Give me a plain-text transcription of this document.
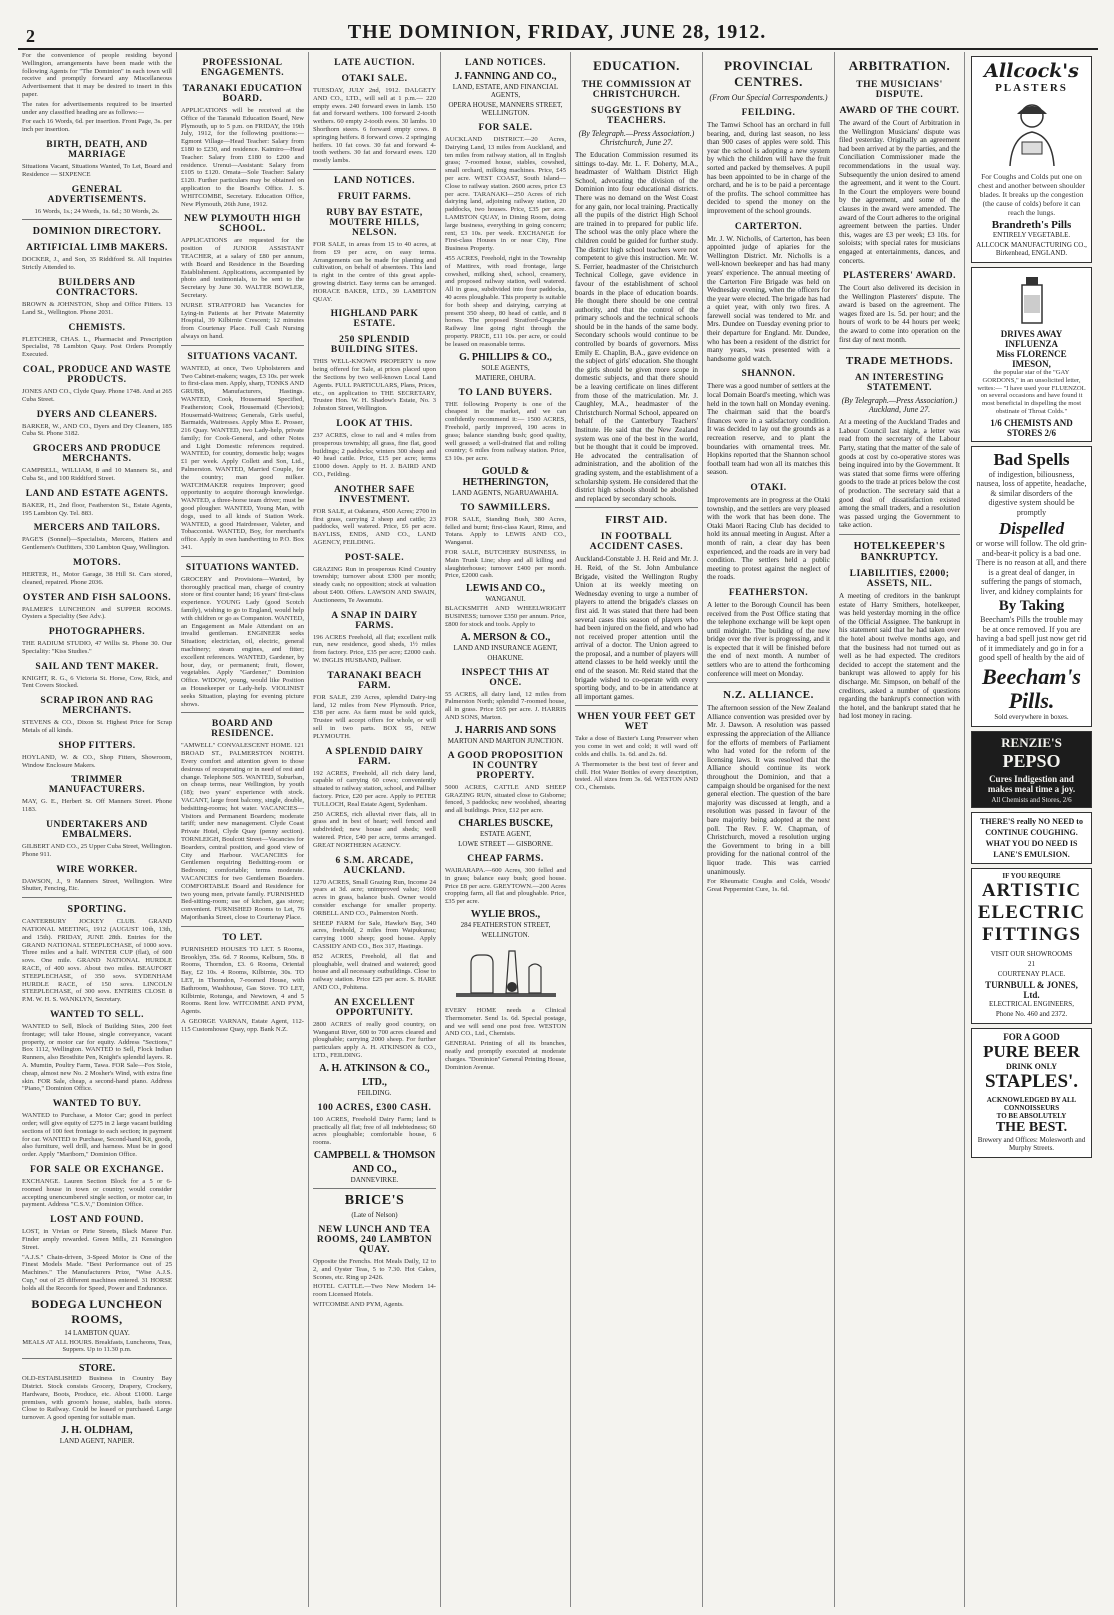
2	THE DOMINION, FRIDAY, JUNE 28, 1912.

For the convenience of people residing beyond Wellington, arrangements have been made with the following Agents for "The Dominion" in each town will receive and promptly forward any Miscellaneous Advertisement that it may be desired to insert in this paper.

The rates for advertisements required to be inserted under any classified heading are as follows:—

For each 16 Words, 6d. per insertion. Front Page, 3s. per inch per insertion.

BIRTH, DEATH, AND MARRIAGE

Situations Vacant, Situations Wanted, To Let, Board and Residence — SIXPENCE

GENERAL ADVERTISEMENTS.

16 Words, 1s.; 24 Words, 1s. 6d.; 30 Words, 2s.

DOMINION DIRECTORY.
ARTIFICIAL LIMB MAKERS.

DOCKER, J., and Son, 35 Riddiford St. All Inquiries Strictly Attended to.

BUILDERS AND CONTRACTORS.

BROWN & JOHNSTON, Shop and Office Fitters. 13 Land St., Wellington. Phone 2031.

CHEMISTS.

FLETCHER, CHAS. L., Pharmacist and Prescription Specialist, 78 Lambton Quay. Post Orders Promptly Executed.

COAL, PRODUCE AND WASTE PRODUCTS.

JONES AND CO., Clyde Quay. Phone 1748. And at 265 Cuba Street.

DYERS AND CLEANERS.

BARKER, W., AND CO., Dyers and Dry Cleaners, 185 Cuba St. Phone 3182.

GROCERS AND PRODUCE MERCHANTS.

CAMPBELL, WILLIAM, 8 and 10 Manners St., and Cuba St., and 100 Riddiford Street.

LAND AND ESTATE AGENTS.

BAKER, H., 2nd floor, Featherston St., Estate Agents, 195 Lambton Qy. Tel. 883.

MERCERS AND TAILORS.

PAGE'S (Sonnel)—Specialists, Mercers, Hatters and Gentlemen's Outfitters, 330 Lambton Quay, Wellington.

MOTORS.

HERTER, H., Motor Garage, 38 Hill St. Cars stored, cleaned, repaired. Phone 2036.

OYSTER AND FISH SALOONS.

PALMER'S LUNCHEON and SUPPER ROOMS. Oysters a Speciality (See Adv.).

PHOTOGRAPHERS.

THE RADIUM STUDIO, 47 Willis St. Phone 30. Our Speciality: "Kiss Studies."

SAIL AND TENT MAKER.

KNIGHT, R. G., 6 Victoria St. Horse, Cow, Rick, and Tent Covers Stocked.

SCRAP IRON AND RAG MERCHANTS.

STEVENS & CO., Dixon St. Highest Price for Scrap Metals of all kinds.

SHOP FITTERS.

HOYLAND, W. & CO., Shop Fitters, Showroom, Window Enclosure Makers.

TRIMMER MANUFACTURERS.

MAY, G. E., Herbert St. Off Manners Street. Phone 1183.

UNDERTAKERS AND EMBALMERS.

GILBERT AND CO., 25 Upper Cuba Street, Wellington. Phone 911.

WIRE WORKER.

DAWSON, J., 9 Manners Street, Wellington. Wire Shutter, Fencing, Etc.

SPORTING.

CANTERBURY JOCKEY CLUB. GRAND NATIONAL MEETING, 1912 (AUGUST 10th, 13th, and 15th). FRIDAY, JUNE 28th. Entries for the GRAND NATIONAL STEEPLECHASE, of 1000 sovs. Three miles and a half. WINTER CUP (flat), of 600 sovs. One mile. GRAND NATIONAL HURDLE RACE, of 400 sovs. About two miles. BEAUFORT STEEPLECHASE, of 350 sovs. SYDENHAM HURDLE RACE, of 150 sovs. LINCOLN STEEPLECHASE, of 300 sovs. ENTRIES CLOSE 8 P.M. W. H. S. WANKLYN, Secretary.

WANTED TO SELL.

WANTED to Sell, Block of Building Sites, 200 feet frontage; will take House, single conveyance, vacant property, or motor car for equity. Address "Sections," Box 1112, Wellington. WANTED to Sell, Flock Indian Runners, also Brosthite Pen, Knight's splendid layers. R. A. Mumtin, Poultry Farm, Tawa. FOR Sale—Fox Stole, cheap, almost new No. 2 Mosher's Wind, with extra fine skin. FOR Sale, cheap, a second-hand piano. Address "Piano," Dominion Office.

WANTED TO BUY.

WANTED to Purchase, a Motor Car; good in perfect order; will give equity of £275 in 2 large vacant building sections of 100 feet frontage to each section; in payment for car. WANTED to Purchase, Second-hand Kit, goods, also furniture, well drill, and harness. Must be in good order. Apply "Mariborn," Dominion Office.

FOR SALE OR EXCHANGE.

EXCHANGE. Lauren Section Block for a 5 or 6-roomed house in town or country; would consider accepting unencumbered single section, or motor car, in payment. Address "C.S.V.," Dominion Office.

LOST AND FOUND.

LOST, in Vivian or Pirie Streets, Black Maree Fur. Finder amply rewarded. Green Mills, 21 Kensington Street.

"A.J.S." Chain-driven, 3-Speed Motor is One of the Finest Models Made. "Best Performance out of 25 Machines." The Manufacturers Prize, "Wise A.J.S. Cup," out of 25 different machines entered. 31 HORSE holds all the Records for Speed, Power and Endurance.

BODEGA LUNCHEON ROOMS,
14 LAMBTON QUAY.

MEALS AT ALL HOURS. Breakfasts, Luncheons, Teas, Suppers. Up to 11.30 p.m.

STORE.

OLD-ESTABLISHED Business in Country Bay District. Stock consists Grocery, Drapery, Crockery, Hardware, Boots, Produce, etc. About £1000. Large premises, with groom's house, stables, bails stores. Close to Railway. Could be leased or purchased. Large turnover. A good opening for suitable man.

J. H. OLDHAM,
LAND AGENT, NAPIER.
PROFESSIONAL ENGAGEMENTS.
TARANAKI EDUCATION BOARD.

APPLICATIONS will be received at the Office of the Taranaki Education Board, New Plymouth, up to 5 p.m. on FRIDAY, the 19th July, 1912, for the following positions:— Egmont Village—Head Teacher: Salary from £180 to £230, and residence. Kaimiro—Head Teacher: Salary from £180 to £200 and residence. Urenui—Assistant: Salary from £105 to £120. Omata—Sole Teacher: Salary £120. Further particulars may be obtained on application to the Board's Office. J. S. WHITCOMBE, Secretary. Education Office, New Plymouth, 26th June, 1912.

NEW PLYMOUTH HIGH SCHOOL.

APPLICATIONS are requested for the position of JUNIOR ASSISTANT TEACHER, at a salary of £80 per annum, with Board and Residence in the Boarding Establishment. Applications, accompanied by photo and testimonials, to be sent to the Secretary by June 30. WALTER BOWLER, Secretary.

NURSE STRATFORD has Vacancies for Lying-in Patients at her Private Maternity Hospital, 39 Kilbirnie Crescent; 12 minutes from Courtenay Place. Full Cash Nursing always on hand.

SITUATIONS VACANT.

WANTED, at once, Two Upholsterers and Two Cabinet-makers; wages, £3 10s. per week to first-class men. Apply, sharp, TONKS AND GRUBB, Manufacturers, Hastings. WANTED, Cook, Housemaid Specified, Featherston; Cook, Housemaid (Cheviots); Housemaid-Waitress; Generals, Girls useful, Barmaids, Waitresses. Apply Miss E. Prosser, 216 Quay. WANTED, two Lady-help, private family; for Cook-General, and other Notes and Light Domestic references required. WANTED, for country, domestic help; wages £1 per week. Apply Collett and Son, Ltd., Palmerston. WANTED, Married Couple, for the country; man good milker. WATCHMAKER requires Improver; good opportunity to acquire thorough knowledge. WANTED, a three-horse team driver; must be good plougher. WANTED, Young Man, with dogs, used to all kinds of Station Work. WANTED, a good Hairdresser, Valeter, and Tobacconist. WANTED, Boy, for merchant's office. Apply in own handwriting to P.O. Box 341.

SITUATIONS WANTED.

GROCERY and Provisions—Wanted, by thoroughly practical man, charge of country store or first counter hand; 16 years' first-class experience. YOUNG Lady (good Scotch family), wishing to go to England, would help with children or go as Companion. WANTED, an Engagement as Male Attendant on an invalid gentleman. ENGINEER seeks Situation; electrician, oil, electric, general machinery; steam engines, and fitter; excellent references. WANTED, Gardener, by hour, day, or permanent; fruit, flower, vegetables. Apply "Gardener," Dominion Office. WIDOW, young, would like Position as Housekeeper or Lady-help. VIOLINIST seeks Situation, playing for evening picture shows.

BOARD AND RESIDENCE.

"AMWELL" CONVALESCENT HOME. 121 BROAD ST., PALMERSTON NORTH. Every comfort and attention given to those desirous of recuperating or in need of rest and change. Telephone 505. WANTED, Suburban, on cheap terms, near Wellington, by youth (18); two years' experience with stock. VACANT, large front balcony, single, double, bedsitting-rooms; hot water. VACANCIES—Visitors and Permanent Boarders; moderate tariff; under new management. Clyde Coast Private Hotel, Clyde Quay (penny section). TORNLEIGH, Boulcott Street—Vacancies for Boarders, central position, and good view of City and Harbour. VACANCIES for Gentlemen requiring Bedsitting-room or Bedroom; comfortable; terms moderate. VACANCIES for two Gentlemen Boarders. COMFORTABLE Board and Residence for two young men, private family. FURNISHED Bed-sitting-room; use of kitchen, gas stove; convenient. FURNISHED Rooms to Let, 76 Majoribanks Street, close to Courtenay Place.

TO LET.

FURNISHED HOUSES TO LET. 5 Rooms, Brooklyn, 35s. 6d. 7 Rooms, Kelburn, 50s. 8 Rooms, Thorndon, £3. 6 Rooms, Oriental Bay, £2 10s. 4 Rooms, Kilbirnie, 30s. TO LET, in Thorndon, 7-roomed House, with Bathroom, Washhouse, Gas Stove. TO LET, Kilbirnie, Rotunga, and Newtown, 4 and 5 Rooms. Rent low. WITCOMBE AND PYM, Agents.

A GEORGE VARNAN, Estate Agent, 112-115 Customhouse Quay, opp. Bank N.Z.

LATE AUCTION.
OTAKI SALE.

TUESDAY, JULY 2nd, 1912. DALGETY AND CO., LTD., will sell at 1 p.m.— 220 empty ewes. 240 forward ewes in lamb. 150 fat and forward wethers. 100 forward 2-tooth wethers. 60 empty 2-tooth ewes. 30 lambs. 10 Shorthorn steers. 6 forward empty cows. 8 springing heifers. 8 forward cows. 2 springing heifers. 10 fat cows. 30 fat and forward 4-tooth wethers. 30 fat and forward ewes. 120 mostly lambs.

LAND NOTICES.
FRUIT FARMS.
RUBY BAY ESTATE, MOUTERE HILLS, NELSON.

FOR SALE, in areas from 15 to 40 acres, at from £9 per acre, on easy terms. Arrangements can be made for planting and cultivation, on behalf of absentees. This land is right in the centre of this great apple-growing district. Easy terms can be arranged. HORACE BAKER, LTD., 39 LAMBTON QUAY.

HIGHLAND PARK ESTATE.
250 SPLENDID BUILDING SITES.

THIS WELL-KNOWN PROPERTY is now being offered for Sale, at prices placed upon the Sections by two well-known Local Land Agents. FULL PARTICULARS, Plans, Prices, etc., on application to THE SECRETARY, Trustee Hon. W. H. Shadow's Estate, No. 3 Johnston Street, Wellington.

LOOK AT THIS.

237 ACRES, close to rail and 4 miles from prosperous township; all grass, fine flat, good buildings; 2 paddocks; winters 300 sheep and 40 head cattle. Price, £15 per acre; terms £1000 down. Apply to H. J. BAIRD AND CO., Feilding.

ANOTHER SAFE INVESTMENT.

FOR SALE, at Oakarara, 4500 Acres; 2700 in first grass, carrying 2 sheep and cattle; 23 paddocks, well watered. Price, £6 per acre. BAYLISS, ENDS, AND CO., LAND AGENCY, FEILDING.

POST-SALE.

GRAZING Run in prosperous Kind Country township; turnover about £300 per month; steady cash; no opposition; stock at valuation about £400. Offers. LAWSON AND SWAIN, Auctioneers, Te Awamutu.

A SNAP IN DAIRY FARMS.

196 ACRES Freehold, all flat; excellent milk run, new residence, good sheds, 1½ miles from factory. Price, £35 per acre; £2000 cash. W. INGLIS HUSBAND, Palliser.

TARANAKI BEACH FARM.

FOR SALE, 239 Acres, splendid Dairy-ing land, 12 miles from New Plymouth. Price, £38 per acre. As farm must be sold quick, Trustee will accept offers for whole, or will sell in two parts. BOX 95, NEW PLYMOUTH.

A SPLENDID DAIRY FARM.

192 ACRES, Freehold, all rich dairy land, capable of carrying 60 cows; conveniently situated to railway station, school, and Palliser factory. Price, £20 per acre. Apply to PETER TULLOCH, Real Estate Agent, Sydenham.

250 ACRES, rich alluvial river flats, all in grass and in best of heart; well fenced and subdivided; new house and sheds; well watered. Price, £40 per acre, terms arranged. GREAT NORTHERN AGENCY.

6 S.M. ARCADE, AUCKLAND.

1270 ACRES, Small Grazing Run, Income 24 years at 3d. acre; unimproved value; 1600 acres in grass, balance bush. Owner would consider exchange for smaller property. ORBELL AND CO., Palmerston North.

SHEEP FARM for Sale, Hawke's Bay, 340 acres, freehold, 2 miles from Waipukurau; carrying 1000 sheep; good house. Apply CASSIDY AND CO., Box 317, Hastings.

852 ACRES, Freehold, all flat and ploughable, well drained and watered; good house and all necessary outbuildings. Close to railway station. Price £25 per acre. S. HARE AND CO., Pohitena.

AN EXCELLENT OPPORTUNITY.

2800 ACRES of really good country, on Wanganui River, 600 to 700 acres cleared and ploughable; carrying 2000 sheep. For further particulars apply A. H. ATKINSON & CO., LTD., FEILDING.

A. H. ATKINSON & CO.,
LTD.,
FEILDING.
100 ACRES, £300 CASH.

100 ACRES, Freehold Dairy Farm; land is practically all flat; free of all indebtedness; 60 acres ploughable; comfortable house, 6 rooms.

CAMPBELL & THOMSON
AND CO.,
DANNEVIRKE.
BRICE'S
(Late of Nelson)
NEW LUNCH AND TEA ROOMS, 240 LAMBTON QUAY.

Opposite the Frenchs. Hot Meals Daily, 12 to 2, and Oyster Teas, 5 to 7.30. Hot Cakes, Scones, etc. Ring up 2426.

HOTEL CATTLE.—Two New Modern 14-room Licensed Hotels.

WITCOMBE AND PYM, Agents.

LAND NOTICES.
J. FANNING AND CO.,
LAND, ESTATE, AND FINANCIAL AGENTS,
OPERA HOUSE, MANNERS STREET, WELLINGTON.
FOR SALE.

AUCKLAND DISTRICT.—20 Acres, Dairying Land, 13 miles from Auckland, and ten miles from railway station, all in English grass; 7-roomed house, stables, cowshed, small orchard, milking machines. Price, £45 per acre. WEST COAST, South Island—Close to railway station. 2600 acres, price £3 per acre. TARANAKI—250 Acres of rich dairying land, adjoining railway station, 20 paddocks, two houses. Price, £35 per acre. LAMBTON QUAY, in Dining Room, doing large business, everything in going concern; rent, £3 10s. per week. EXCHANGE for First-class Houses in or near City, Fine Business Property.

455 ACRES, Freehold, right in the Township of Mattirex, with road frontage, large cowshed, milking shed, school, creamery, and proposed railway station, well watered. All in grass, subdivided into four paddocks, 40 acres ploughable. This property is suitable for both sheep and dairying, carrying at present 350 sheep, 80 head of cattle, and 8 horses. The proposed Stratford-Ongaruhe Railway line going right through the property. PRICE, £11 10s. per acre, or could be leased on reasonable terms.

G. PHILLIPS & CO.,
SOLE AGENTS,
MATIERE, OHURA.
TO LAND BUYERS.

THE following Property is one of the cheapest in the market, and we can confidently recommend it:— 1500 ACRES, Freehold, partly improved, 190 acres in grass; balance standing bush; good quality, well grassed; a well-drained flat and rolling country; 6 miles from railway station. Price, £3 10s. per acre.

GOULD & HETHERINGTON,
LAND AGENTS, NGARUAWAHIA.
TO SAWMILLERS.

FOR SALE, Standing Bush, 380 Acres, felled and burnt; first-class Kauri, Rimu, and Totara. Apply to LEWIS AND CO., Wanganui.

FOR SALE, BUTCHERY BUSINESS, in Main Trunk Line; shop and all killing and slaughterhouse; turnover £400 per month. Price, £2000 cash.

LEWIS AND CO.,
WANGANUI.

BLACKSMITH AND WHEELWRIGHT BUSINESS; turnover £350 per annum. Price, £800 for stock and tools. Apply to

A. MERSON & CO.,
LAND AND INSURANCE AGENT,
OHAKUNE.
INSPECT THIS AT ONCE.

55 ACRES, all dairy land, 12 miles from Palmerston North; splendid 7-roomed house, all in grass. Price £65 per acre. J. HARRIS AND SONS, Marton.

J. HARRIS AND SONS
MARTON AND MARTON JUNCTION.
A GOOD PROPOSITION IN COUNTRY PROPERTY.

5000 ACRES, CATTLE AND SHEEP GRAZING RUN, situated close to Gisborne; fenced, 3 paddocks; new woolshed, shearing and all buildings. Price, £12 per acre.

CHARLES BUSCKE,
ESTATE AGENT,
LOWE STREET — GISBORNE.
CHEAP FARMS.

WAIRARAPA.—600 Acres, 300 felled and in grass; balance easy bush; good house. Price £8 per acre. GREYTOWN.—200 Acres cropping farm, all flat and ploughable. Price, £35 per acre.

WYLIE BROS.,
284 FEATHERSTON STREET,
WELLINGTON.

EVERY HOME needs a Clinical Thermometer. Send 1s. 6d. Special postage, and we will send one post free. WESTON AND CO., Ltd., Chemists.

GENERAL Printing of all its branches, neatly and promptly executed at moderate charges. "Dominion" General Printing House, Dominion Avenue.

EDUCATION.
THE COMMISSION AT CHRISTCHURCH.
SUGGESTIONS BY TEACHERS.
(By Telegraph.—Press Association.) Christchurch, June 27.

The Education Commission resumed its sittings to-day. Mr. L. F. Doherty, M.A., headmaster of Waltham District High School, advocating the division of the Dominion into four educational districts. There was no demand on the West Coast for any gain, nor local training. Practically all the pupils of the district High School are trained in to prepared for public life. The school was the only place where the children could be guided for further study. The district high school teachers were not competent to give this instruction. Mr. W. S. Ferrier, headmaster of the Christchurch Technical College, gave evidence in favour of the establishment of school boards in the place of education boards. He thought there should be one central authority, and that the control of the primary schools and the technical schools should be in the hands of the same body. Secondary schools would continue to be controlled by boards of governors. Miss Emily E. Chaplin, B.A., gave evidence on the subject of girls' education. She thought the girls should be given more scope in domestic subjects, and that there should be a leaving certificate on lines different from those of the matriculation. Mr. J. Caughley, M.A., headmaster of the Christchurch Normal School, appeared on behalf of the Canterbury Teachers' Institute. He said that the New Zealand system was one of the best in the world, but he thought that it could be improved. He advocated the centralisation of administration, and the abolition of the grading system, and the establishment of a scholarship system. He considered that the district high schools should be abolished and replaced by secondary schools.

FIRST AID.
IN FOOTBALL ACCIDENT CASES.

Auckland-Constable J. H. Reid and Mr. J. H. Reid, of the St. John Ambulance Brigade, visited the Wellington Rugby Union at its weekly meeting on Wednesday evening to urge a number of players to attend the brigade's classes on first aid. It was stated that there had been several cases this season of players who had been injured on the field, and who had not received proper attention until the arrival of a doctor. The Union agreed to the proposal, and a number of players will attend classes to be held weekly until the end of the season. Mr. Reid stated that the brigade wished to co-operate with every sporting body, and to be in attendance at all important games.

WHEN YOUR FEET GET WET

Take a dose of Baxter's Lung Preserver when you come in wet and cold; it will ward off colds and chills. 1s. 6d. and 2s. 6d.

A Thermometer is the best test of fever and chill. Hot Water Bottles of every description, tested. All sizes from 3s. 6d. WESTON AND CO., Chemists.

PROVINCIAL CENTRES.
(From Our Special Correspondents.)
FEILDING.

The Tamwi School has an orchard in full bearing, and, during last season, no less than 900 cases of apples were sold. This year the school is adopting a new system by which the children will have the fruit sorted and packed by themselves. A pupil has been appointed to be in charge of the orchard, and he is to be paid a percentage of the profits. The school committee has decided to spend the money on the improvement of the school grounds.

CARTERTON.

Mr. J. W. Nicholls, of Carterton, has been appointed judge of apiaries for the Wellington District. Mr. Nicholls is a well-known beekeeper and has had many years' experience. The annual meeting of the Carterton Fire Brigade was held on Wednesday evening, when the officers for the year were elected. The brigade has had a quiet year, with only two fires. A farewell social was tendered to Mr. and Mrs. Dundee on Tuesday evening prior to their departure for England. Mr. Dundee, who has been a resident of the district for many years, was presented with a handsome gold watch.

SHANNON.

There was a good number of settlers at the local Domain Board's meeting, which was held in the town hall on Monday evening. The chairman said that the board's finances were in a satisfactory condition. It was decided to lay out the grounds as a recreation reserve, and to plant the boundaries with ornamental trees. Mr. Hopkins reported that the Shannon school football team had won all its matches this season.

OTAKI.

Improvements are in progress at the Otaki township, and the settlers are very pleased with the work that has been done. The Otaki Maori Racing Club has decided to hold its annual meeting in August. After a month of rain, a clear day has been experienced, and the roads are in very bad condition. The settlers held a public meeting to protest against the neglect of the roads.

FEATHERSTON.

A letter to the Borough Council has been received from the Post Office stating that the telephone exchange will be kept open until midnight. The building of the new bridge over the river is progressing, and it is expected that it will be finished before the end of next month. A number of settlers who are to attend the forthcoming conference will meet on Monday.

N.Z. ALLIANCE.

The afternoon session of the New Zealand Alliance convention was presided over by Mr. J. Dawson. A resolution was passed expressing the appreciation of the Alliance for the efforts of members of Parliament who had voted for the reform of the licensing laws. It was resolved that the Alliance should continue its work throughout the Dominion, and that a campaign should be organised for the next general election. The question of the bare majority was discussed at length, and a resolution was passed in favour of the bare majority being adopted at the next poll. The Rev. F. W. Chapman, of Christchurch, moved a resolution urging the Government to bring in a bill providing for the national control of the liquor trade. This was carried unanimously.

For Rheumatic Coughs and Colds, Woods' Great Peppermint Cure, 1s. 6d.

ARBITRATION.
THE MUSICIANS' DISPUTE.
AWARD OF THE COURT.

The award of the Court of Arbitration in the Wellington Musicians' dispute was filed yesterday. Originally an agreement had been arrived at by the parties, and the Conciliation Commissioner made the recommendations in the usual way. Subsequently the union desired to amend the agreement, and it went to the Court. In the Court the employers were bound by the agreement, and some of the clauses in the award were amended. The award of the Court adheres to the original agreement between the parties. Under this, wages are £3 per week; £3 10s. for soloists; with special rates for musicians engaged at entertainments, dances, and concerts.

PLASTERERS' AWARD.

The Court also delivered its decision in the Wellington Plasterers' dispute. The award is based on the agreement. The wages fixed are 1s. 5d. per hour; and the hours of work to be 44 hours per week; the award to come into operation on the first day of next month.

TRADE METHODS.
AN INTERESTING STATEMENT.
(By Telegraph.—Press Association.) Auckland, June 27.

At a meeting of the Auckland Trades and Labour Council last night, a letter was read from the secretary of the Labour Party, stating that the matter of the sale of goods at cost by co-operative stores was being inquired into by the Government. It was stated that some firms were offering goods to the trade at prices below the cost of production. The secretary said that a good deal of dissatisfaction existed among the small traders, and a resolution was passed urging the Government to take action.

HOTELKEEPER'S BANKRUPTCY.
LIABILITIES, £2000; ASSETS, NIL.

A meeting of creditors in the bankrupt estate of Harry Smithers, hotelkeeper, was held yesterday morning in the office of the Official Assignee. The bankrupt in his statement said that he had taken over the hotel about twelve months ago, and that the business had not turned out as well as he had expected. The creditors decided to accept the statement and the bankrupt was allowed to apply for his discharge. Mr. Simpson, on behalf of the creditors, asked a number of questions regarding the bankrupt's connection with the hotel, and the bankrupt stated that he had lost money in racing.

Allcock's
PLASTERS

For Coughs and Colds put one on chest and another between shoulder blades. It breaks up the congestion (the cause of colds) before it can reach the lungs.

Brandreth's Pills
ENTIRELY VEGETABLE.
ALLCOCK MANUFACTURING CO., Birkenhead, ENGLAND.
DRIVES AWAY INFLUENZA
Miss FLORENCE IMESON,

the popular star of the "GAY GORDONS," in an unsolicited letter, writes:— "I have used your FLUENZOL on several occasions and have found it most beneficial in dispelling the most obstinate of Throat Colds."

1/6 CHEMISTS AND STORES 2/6
Bad Spells

of indigestion, biliousness, nausea, loss of appetite, headache, & similar disorders of the digestive system should be promptly

Dispelled

or worse will follow. The old grin-and-bear-it policy is a bad one. There is no reason at all, and there is a great deal of danger, in suffering the pangs of stomach, liver, and kidney complaints for

By Taking

Beecham's Pills the trouble may be at once removed. If you are having a bad spell just now get rid of it immediately and go in for a good spell of health by the aid of

Beecham's Pills.
Sold everywhere in boxes.
RENZIE'S
PEPSO

Cures Indigestion and makes meal time a joy.

All Chemists and Stores, 2/6

THERE'S really NO NEED to CONTINUE COUGHING. WHAT YOU DO NEED IS LANE'S EMULSION.

IF YOU REQUIRE
ARTISTIC
ELECTRIC
FITTINGS
VISIT OUR SHOWROOMS
21
COURTENAY PLACE.
TURNBULL & JONES, Ltd.
ELECTRICAL ENGINEERS,
Phone No. 460 and 2372.
FOR A GOOD
PURE BEER
DRINK ONLY
STAPLES'.
ACKNOWLEDGED BY ALL CONNOISSEURS
TO BE ABSOLUTELY
THE BEST.
Brewery and Offices: Molesworth and Murphy Streets.
